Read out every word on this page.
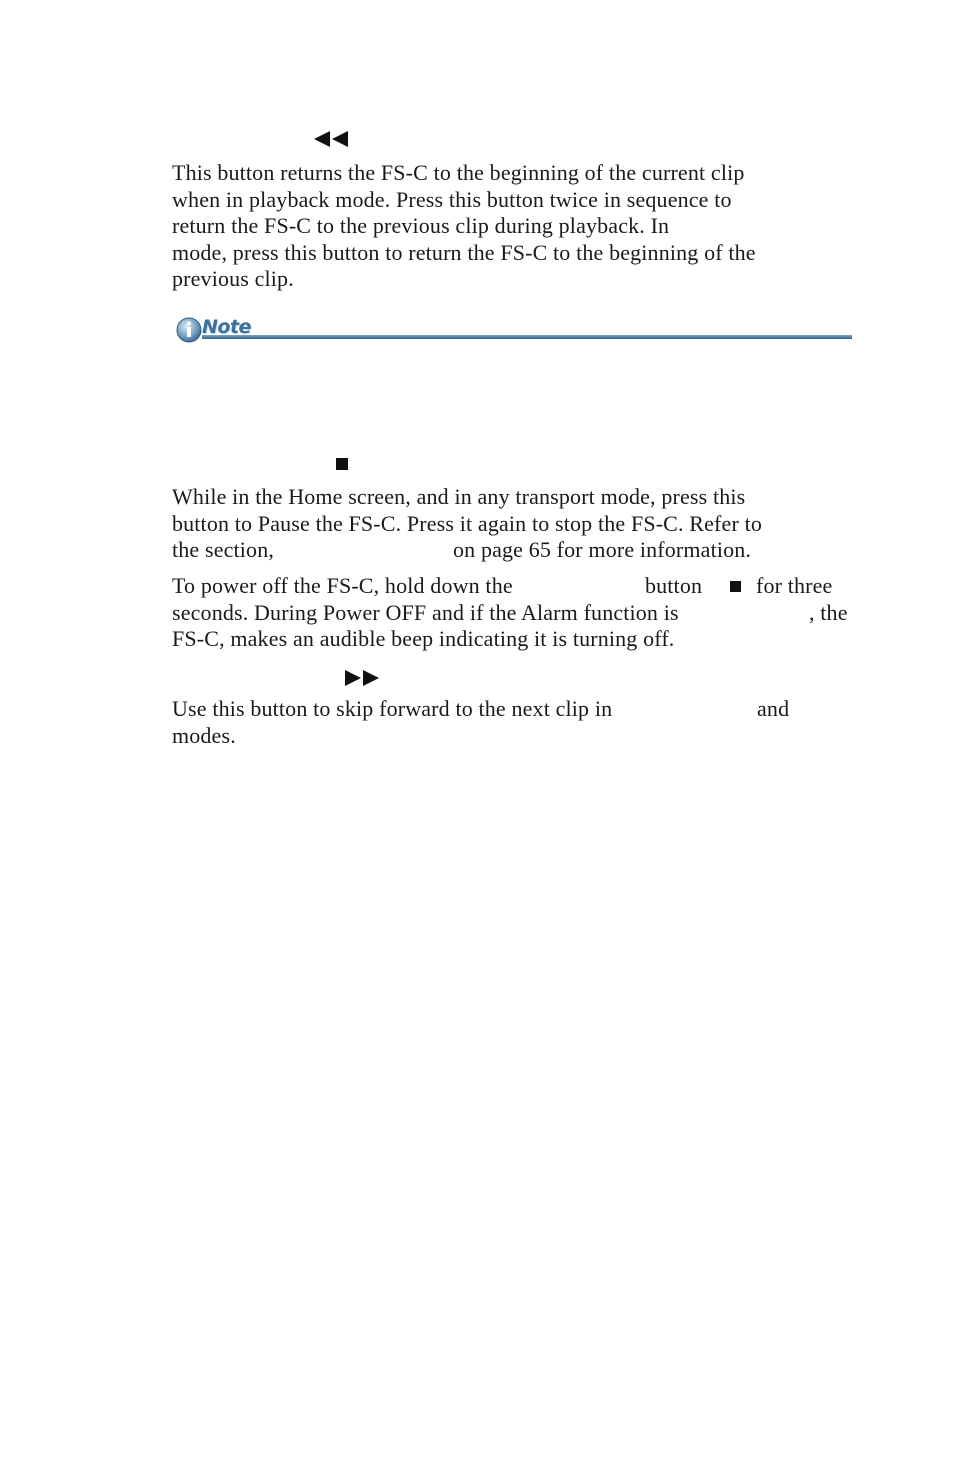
This button returns the FS-C to the beginning of the current clip
when in playback mode. Press this button twice in sequence to
return the FS-C to the previous clip during playback. In
mode, press this button to return the FS-C to the beginning of the
previous clip.
Note
While in the Home screen, and in any transport mode, press this
button to Pause the FS-C. Press it again to stop the FS-C. Refer to
the section,	on page 65 for more information.
To power off the FS-C, hold down the	button for three
seconds. During Power OFF and if the Alarm function is	, the
FS-C, makes an audible beep indicating it is turning off.
Use this button to skip forward to the next clip in	and
modes.
